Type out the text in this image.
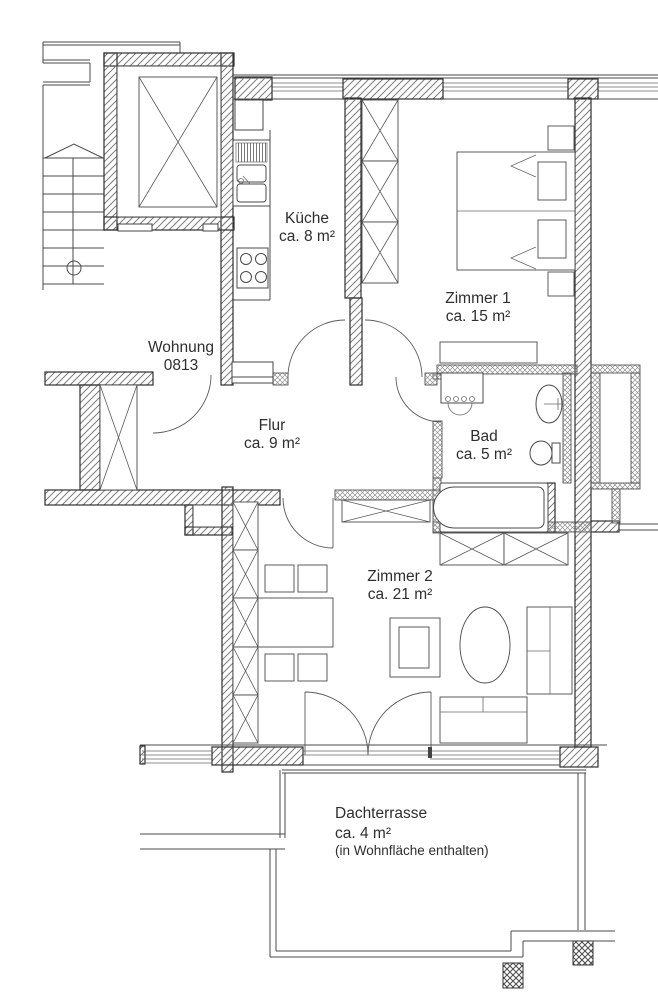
Küche
ca. 8 m²
Zimmer 1
ca. 15 m²
Wohnung
0813
Flur
ca. 9 m²	Bad
ca. 5 m²
Zimmer 2
ca. 21 m²
Dachterrasse
ca. 4 m²
(in Wohnfläche enthalten)
